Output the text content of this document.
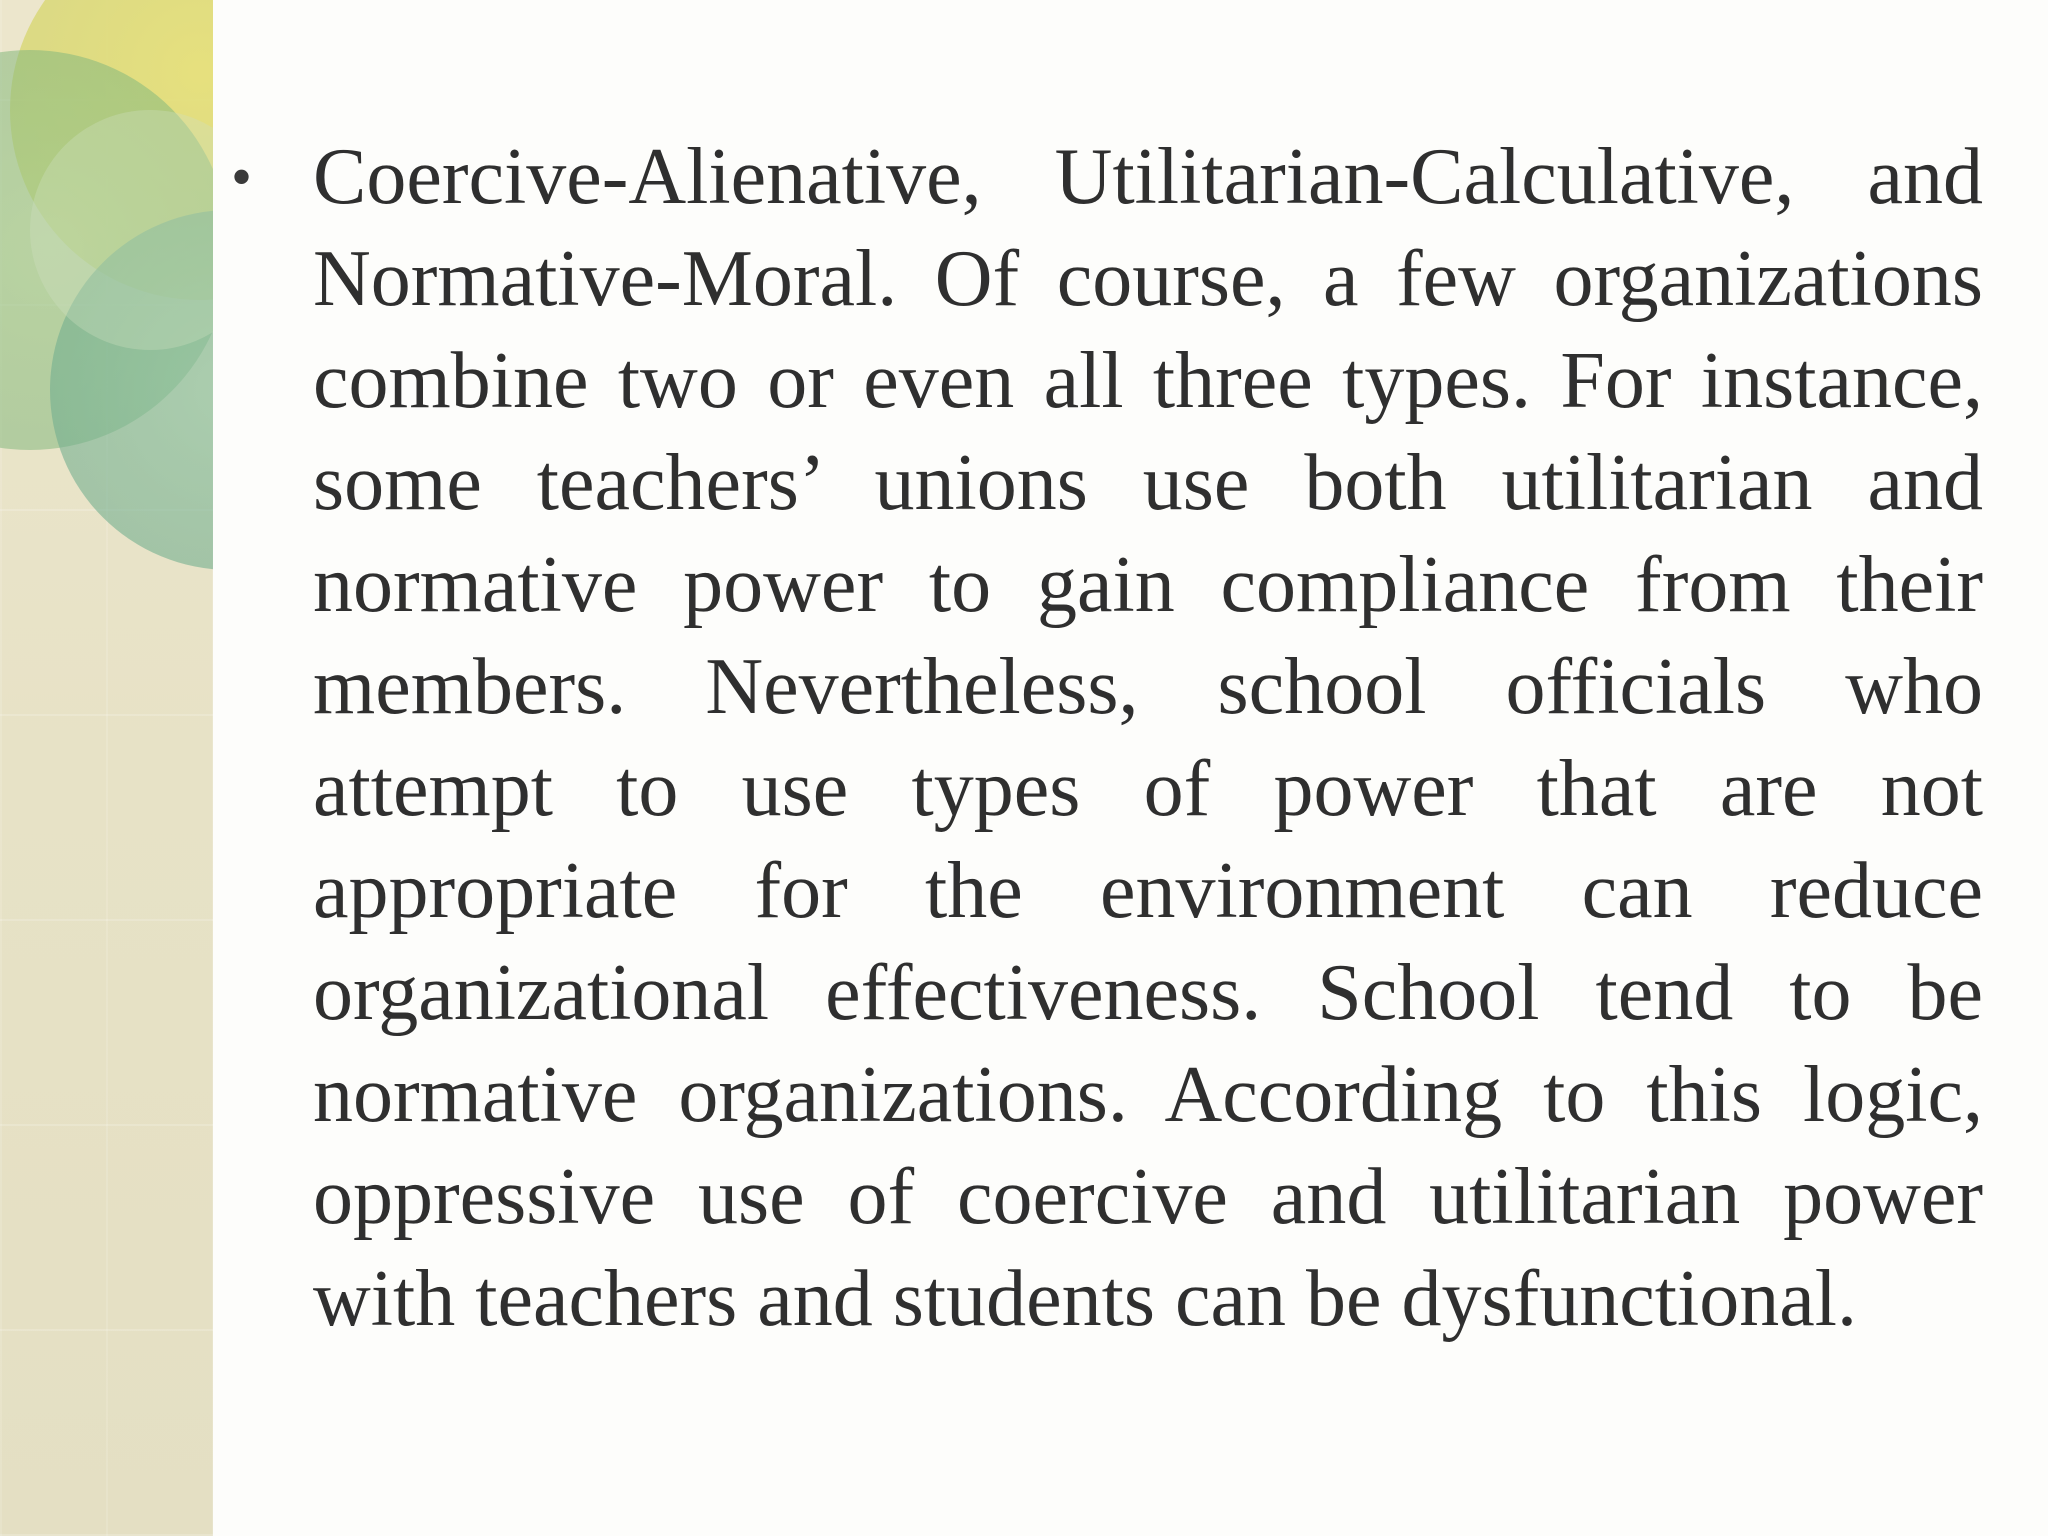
• Coercive-Alienative, Utilitarian-Calculative, and Normative-Moral. Of course, a few organizations combine two or even all three types. For instance, some teachers’ unions use both utilitarian and normative power to gain compliance from their members. Nevertheless, school officials who attempt to use types of power that are not appropriate for the environment can reduce organizational effectiveness. School tend to be normative organizations. According to this logic, oppressive use of coercive and utilitarian power with teachers and students can be dysfunctional.
